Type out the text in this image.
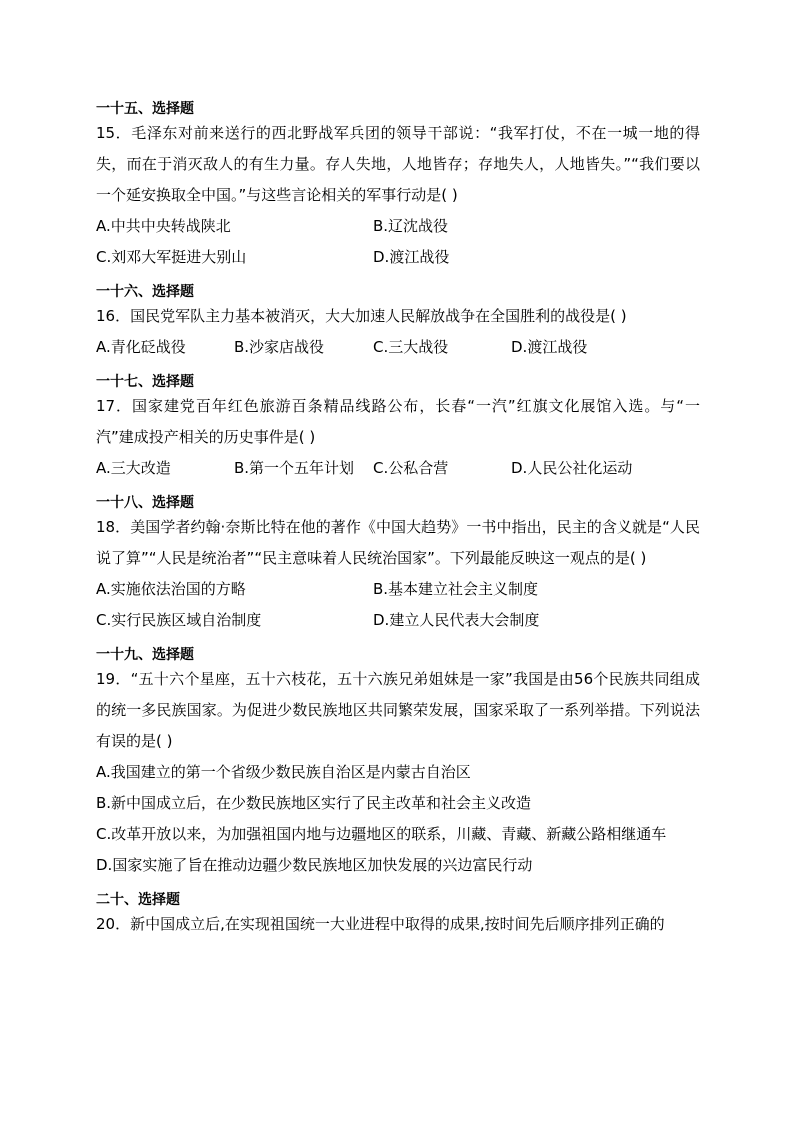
一十五、选择题
15．毛泽东对前来送行的西北野战军兵团的领导干部说：“我军打仗，不在一城一地的得失，而在于消灭敌人的有生力量。存人失地，人地皆存；存地失人，人地皆失。”“我们要以一个延安换取全中国。”与这些言论相关的军事行动是( )
A.中共中央转战陕北	B.辽沈战役
C.刘邓大军挺进大别山	D.渡江战役
一十六、选择题
16．国民党军队主力基本被消灭，大大加速人民解放战争在全国胜利的战役是( )
A.青化砭战役	B.沙家店战役	C.三大战役	D.渡江战役
一十七、选择题
17．国家建党百年红色旅游百条精品线路公布，长春“一汽”红旗文化展馆入选。与“一汽”建成投产相关的历史事件是( )
A.三大改造	B.第一个五年计划	C.公私合营	D.人民公社化运动
一十八、选择题
18．美国学者约翰·奈斯比特在他的著作《中国大趋势》一书中指出，民主的含义就是“人民说了算”“人民是统治者”“民主意味着人民统治国家”。下列最能反映这一观点的是( )
A.实施依法治国的方略	B.基本建立社会主义制度
C.实行民族区域自治制度	D.建立人民代表大会制度
一十九、选择题
19．“五十六个星座，五十六枝花，五十六族兄弟姐妹是一家”我国是由56个民族共同组成的统一多民族国家。为促进少数民族地区共同繁荣发展，国家采取了一系列举措。下列说法有误的是( )
A.我国建立的第一个省级少数民族自治区是内蒙古自治区
B.新中国成立后，在少数民族地区实行了民主改革和社会主义改造
C.改革开放以来，为加强祖国内地与边疆地区的联系，川藏、青藏、新藏公路相继通车
D.国家实施了旨在推动边疆少数民族地区加快发展的兴边富民行动
二十、选择题
20．新中国成立后,在实现祖国统一大业进程中取得的成果,按时间先后顺序排列正确的
